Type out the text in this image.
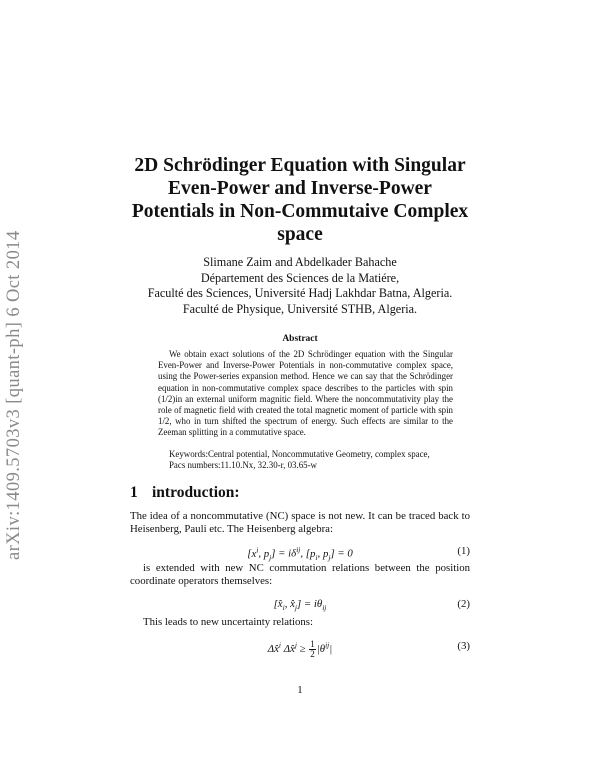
arXiv:1409.5703v3 [quant-ph] 6 Oct 2014
2D Schrödinger Equation with Singular
Even-Power and Inverse-Power
Potentials in Non-Commutaive Complex
space
Slimane Zaim and Abdelkader Bahache
Département des Sciences de la Matiére,
Faculté des Sciences, Université Hadj Lakhdar Batna, Algeria.
Faculté de Physique, Université STHB, Algeria.
Abstract
We obtain exact solutions of the 2D Schrödinger equation with the Singular Even-Power and Inverse-Power Potentials in non-commutative complex space, using the Power-series expansion method. Hence we can say that the Schrödinger equation in non-commutative complex space describes to the particles with spin (1/2)in an external uniform magnitic field. Where the noncommutativity play the role of magnetic field with created the total magnetic moment of particle with spin 1/2, who in turn shifted the spectrum of energy. Such effects are similar to the Zeeman splitting in a commutative space.
Keywords:Central potential, Noncommutative Geometry, complex space,
Pacs numbers:11.10.Nx, 32.30-r, 03.65-w
1 introduction:
The idea of a noncommutative (NC) space is not new. It can be traced back to Heisenberg, Pauli etc. The Heisenberg algebra:
[$x^i$, $p_j] = i\delta^{ij}$, [$p_i$, $p_j] = 0$	(1)
is extended with new NC commutation relations between the position coordinate operators themselves:
[$x̂_i$, $x̂_j] = i\theta_{ij}$	(2)
This leads to new uncertainty relations:
Δx̂$^i$ Δx̂$^j$ ≥ $\frac{1}{2} |\theta^{ij}|$	(3)
1
